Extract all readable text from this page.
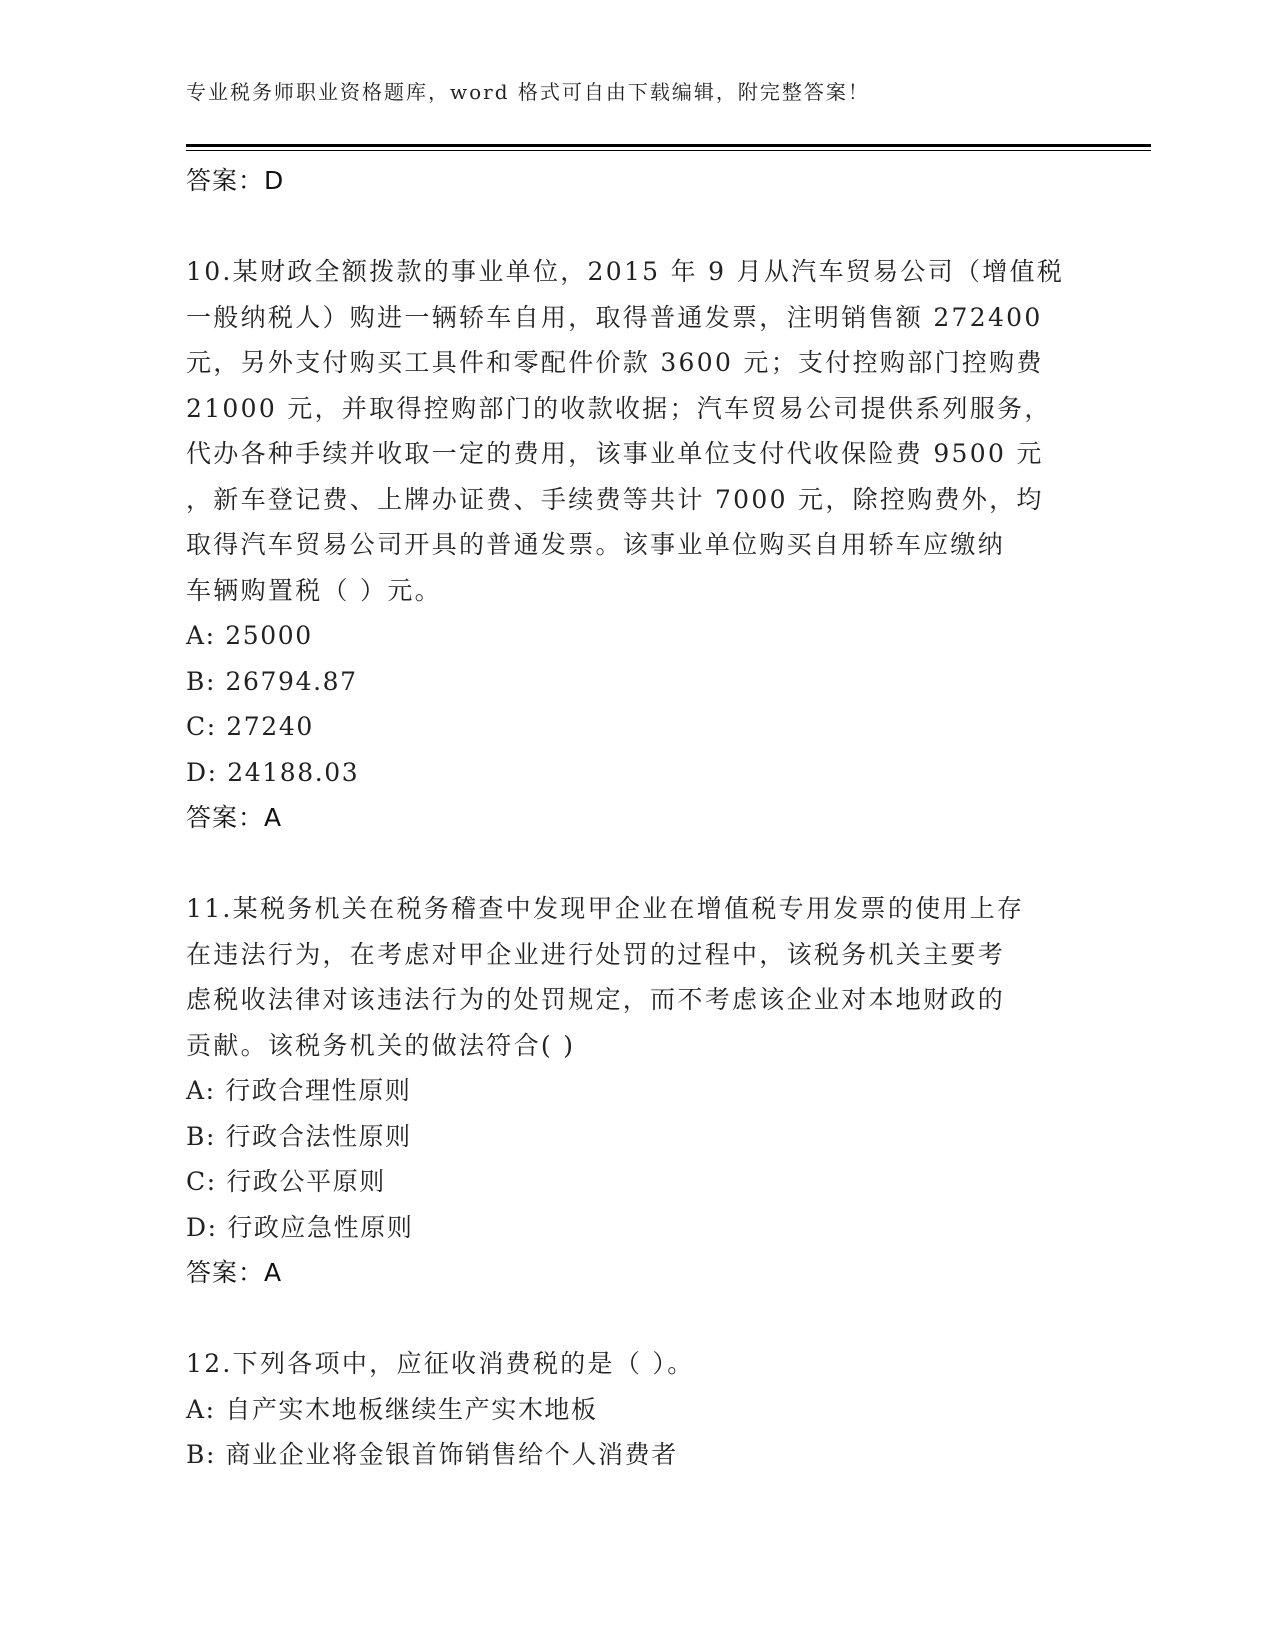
专业税务师职业资格题库，word 格式可自由下载编辑，附完整答案！
答案：D
10.某财政全额拨款的事业单位，2015 年 9 月从汽车贸易公司（增值税
一般纳税人）购进一辆轿车自用，取得普通发票，注明销售额 272400
元，另外支付购买工具件和零配件价款 3600 元；支付控购部门控购费
21000 元，并取得控购部门的收款收据；汽车贸易公司提供系列服务，
代办各种手续并收取一定的费用，该事业单位支付代收保险费 9500 元
，新车登记费、上牌办证费、手续费等共计 7000 元，除控购费外，均
取得汽车贸易公司开具的普通发票。该事业单位购买自用轿车应缴纳
车辆购置税（ ）元。
A: 25000
B: 26794.87
C: 27240
D: 24188.03
答案：A
11.某税务机关在税务稽查中发现甲企业在增值税专用发票的使用上存
在违法行为，在考虑对甲企业进行处罚的过程中，该税务机关主要考
虑税收法律对该违法行为的处罚规定，而不考虑该企业对本地财政的
贡献。该税务机关的做法符合( )
A: 行政合理性原则
B: 行政合法性原则
C: 行政公平原则
D: 行政应急性原则
答案：A
12.下列各项中，应征收消费税的是（ ）。
A: 自产实木地板继续生产实木地板
B: 商业企业将金银首饰销售给个人消费者
